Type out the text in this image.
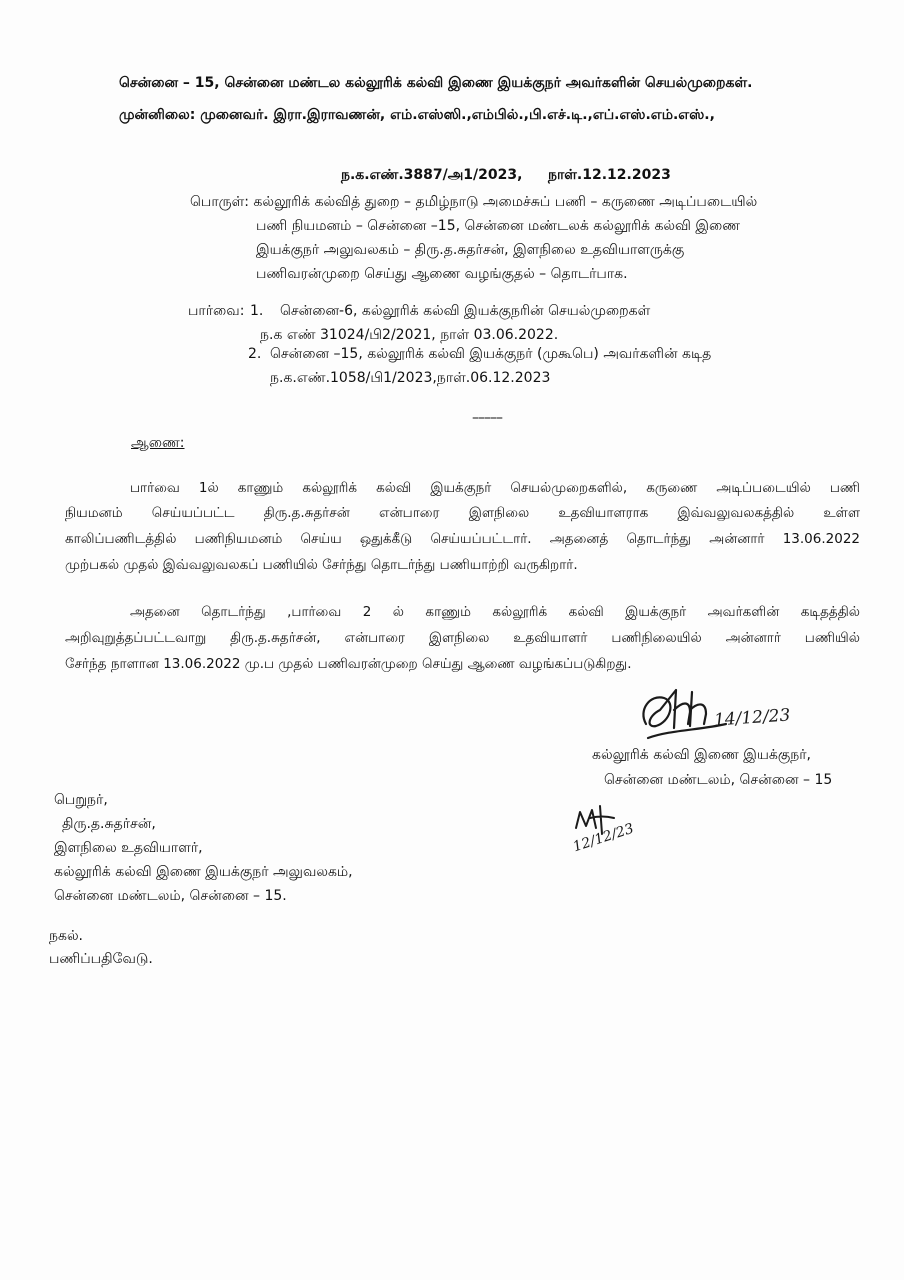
சென்னை – 15, சென்னை மண்டல கல்லூரிக் கல்வி இணை இயக்குநர் அவர்களின் செயல்முறைகள்.
முன்னிலை: முனைவர். இரா.இராவணன், எம்.எஸ்ஸி.,எம்பில்.,பி.எச்.டி.,எப்.எஸ்.எம்.எஸ்.,
ந.க.எண்.3887/அ1/2023, நாள்.12.12.2023
பொருள்: கல்லூரிக் கல்வித் துறை – தமிழ்நாடு அமைச்சுப் பணி – கருணை அடிப்படையில்
பணி நியமனம் – சென்னை –15, சென்னை மண்டலக் கல்லூரிக் கல்வி இணை
இயக்குநர் அலுவலகம் – திரு.த.சுதர்சன், இளநிலை உதவியாளருக்கு
பணிவரன்முறை செய்து ஆணை வழங்குதல் – தொடர்பாக.
பார்வை: 1. சென்னை-6, கல்லூரிக் கல்வி இயக்குநரின் செயல்முறைகள்
ந.க எண் 31024/பி2/2021, நாள் 03.06.2022.
2. சென்னை –15, கல்லூரிக் கல்வி இயக்குநர் (முகூபெ) அவர்களின் கடித
ந.க.எண்.1058/பி1/2023,நாள்.06.12.2023
–––––
ஆணை:
பார்வை 1ல் காணும் கல்லூரிக் கல்வி இயக்குநர் செயல்முறைகளில், கருணை அடிப்படையில் பணி
நியமனம் செய்யப்பட்ட திரு.த.சுதர்சன் என்பாரை இளநிலை உதவியாளராக இவ்வலுவலகத்தில் உள்ள
காலிப்பணிடத்தில் பணிநியமனம் செய்ய ஒதுக்கீடு செய்யப்பட்டார். அதனைத் தொடர்ந்து அன்னார் 13.06.2022
முற்பகல் முதல் இவ்வலுவலகப் பணியில் சேர்ந்து தொடர்ந்து பணியாற்றி வருகிறார்.
அதனை தொடர்ந்து ,பார்வை 2 ல் காணும் கல்லூரிக் கல்வி இயக்குநர் அவர்களின் கடிதத்தில்
அறிவுறுத்தப்பட்டவாறு திரு.த.சுதர்சன், என்பாரை இளநிலை உதவியாளர் பணிநிலையில் அன்னார் பணியில்
சேர்ந்த நாளான 13.06.2022 மு.ப முதல் பணிவரன்முறை செய்து ஆணை வழங்கப்படுகிறது.
14/12/23
கல்லூரிக் கல்வி இணை இயக்குநர்,
சென்னை மண்டலம், சென்னை – 15
பெறுநர்,
திரு.த.சுதர்சன்,
இளநிலை உதவியாளர்,
கல்லூரிக் கல்வி இணை இயக்குநர் அலுவலகம்,
சென்னை மண்டலம், சென்னை – 15.
12/12/23
நகல்.
பணிப்பதிவேடு.
